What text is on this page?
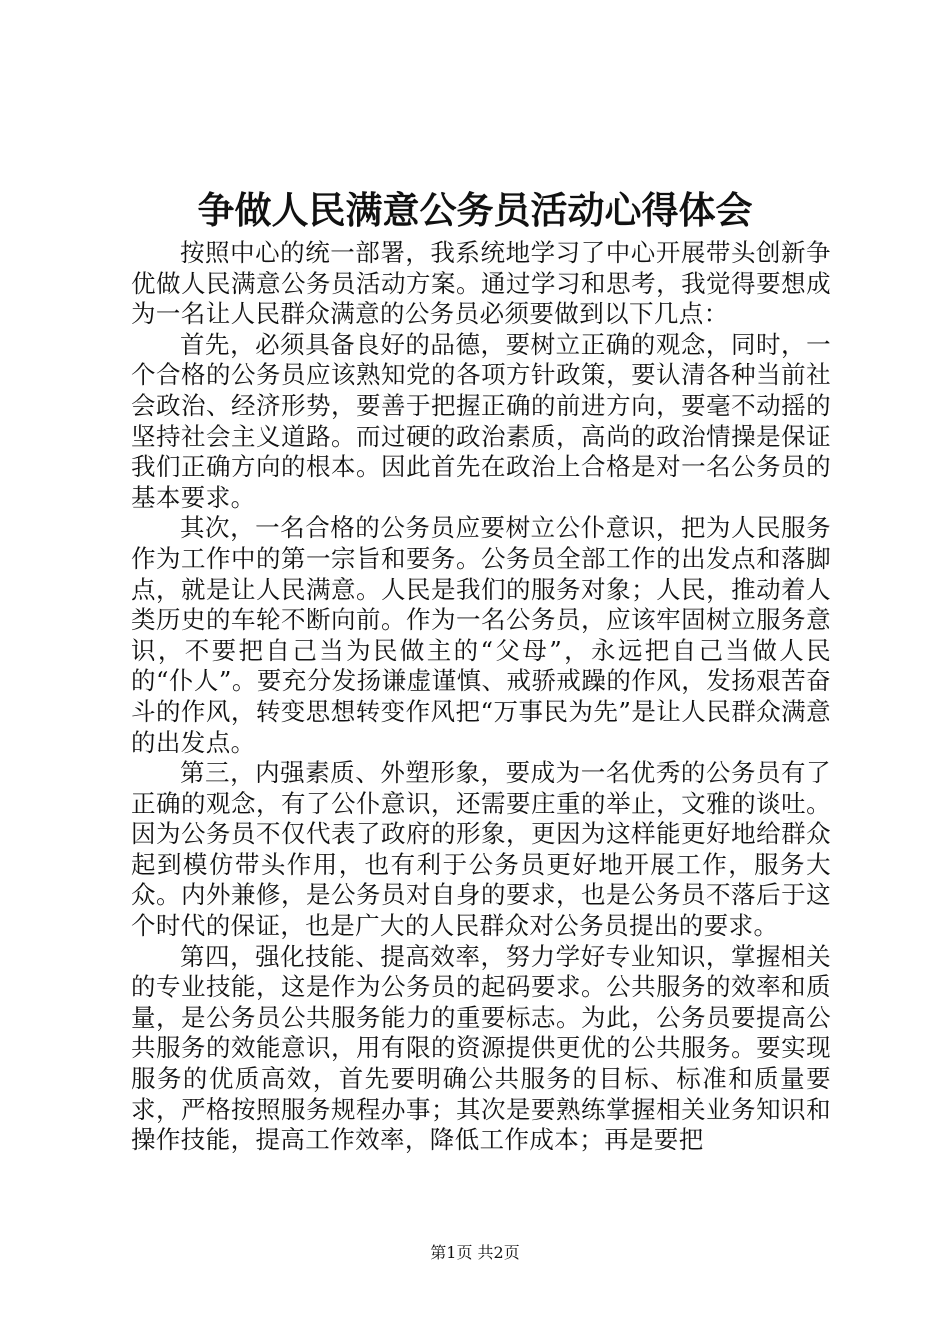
争做人民满意公务员活动心得体会

按照中心的统一部署，我系统地学习了中心开展带头创新争优做人民满意公务员活动方案。通过学习和思考，我觉得要想成为一名让人民群众满意的公务员必须要做到以下几点：

首先，必须具备良好的品德，要树立正确的观念，同时，一个合格的公务员应该熟知党的各项方针政策，要认清各种当前社会政治、经济形势，要善于把握正确的前进方向，要毫不动摇的坚持社会主义道路。而过硬的政治素质，高尚的政治情操是保证我们正确方向的根本。因此首先在政治上合格是对一名公务员的基本要求。

其次，一名合格的公务员应要树立公仆意识，把为人民服务作为工作中的第一宗旨和要务。公务员全部工作的出发点和落脚点，就是让人民满意。人民是我们的服务对象；人民，推动着人类历史的车轮不断向前。作为一名公务员，应该牢固树立服务意识，不要把自己当为民做主的“父母”，永远把自己当做人民的“仆人”。要充分发扬谦虚谨慎、戒骄戒躁的作风，发扬艰苦奋斗的作风，转变思想转变作风把“万事民为先”是让人民群众满意的出发点。

第三，内强素质、外塑形象，要成为一名优秀的公务员有了正确的观念，有了公仆意识，还需要庄重的举止，文雅的谈吐。因为公务员不仅代表了政府的形象，更因为这样能更好地给群众起到模仿带头作用，也有利于公务员更好地开展工作，服务大众。内外兼修，是公务员对自身的要求，也是公务员不落后于这个时代的保证，也是广大的人民群众对公务员提出的要求。

第四，强化技能、提高效率，努力学好专业知识，掌握相关的专业技能，这是作为公务员的起码要求。公共服务的效率和质量，是公务员公共服务能力的重要标志。为此，公务员要提高公共服务的效能意识，用有限的资源提供更优的公共服务。要实现服务的优质高效，首先要明确公共服务的目标、标准和质量要求，严格按照服务规程办事；其次是要熟练掌握相关业务知识和操作技能，提高工作效率，降低工作成本；再是要把

第1页 共2页
